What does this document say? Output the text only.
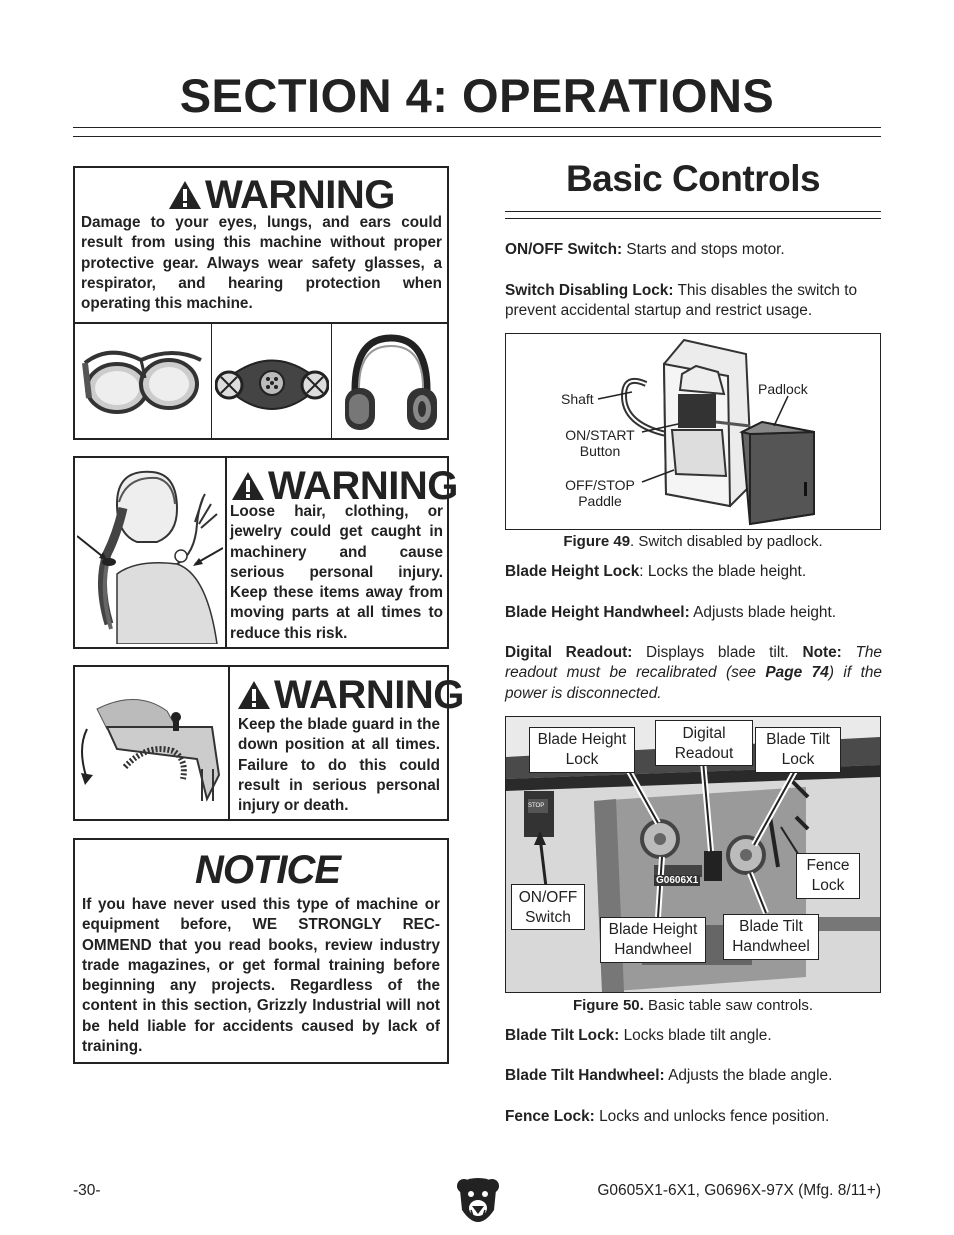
SECTION 4: OPERATIONS
WARNING
Damage to your eyes, lungs, and ears could result from using this machine without proper protective gear. Always wear safety glasses, a respirator, and hearing protection when operating this machine.
WARNING
Loose hair, clothing, or jewelry could get caught in machinery and cause serious personal injury. Keep these items away from moving parts at all times to reduce this risk.
WARNING
Keep the blade guard in the down position at all times. Failure to do this could result in serious personal injury or death.
NOTICE
If you have never used this type of machine or equipment before, WE STRONGLY REC-OMMEND that you read books, review industry trade magazines, or get formal training before beginning any projects. Regardless of the content in this section, Grizzly Industrial will not be held liable for accidents caused by lack of training.
Basic Controls
ON/OFF Switch: Starts and stops motor.
Switch Disabling Lock: This disables the switch to prevent accidental startup and restrict usage.
Shaft
Padlock
ON/START
Button
OFF/STOP
Paddle
Figure 49. Switch disabled by padlock.
Blade Height Lock: Locks the blade height.
Blade Height Handwheel: Adjusts blade height.
Digital Readout: Displays blade tilt. Note: The readout must be recalibrated (see Page 74) if the power is disconnected.
G0606X1
STOP
Blade Height
Lock
Digital
Readout
Blade Tilt
Lock
Fence
Lock
ON/OFF
Switch
Blade Height
Handwheel
Blade Tilt
Handwheel
Figure 50. Basic table saw controls.
Blade Tilt Lock: Locks blade tilt angle.
Blade Tilt Handwheel: Adjusts the blade angle.
Fence Lock: Locks and unlocks fence position.
-30-	G0605X1-6X1, G0696X-97X (Mfg. 8/11+)
